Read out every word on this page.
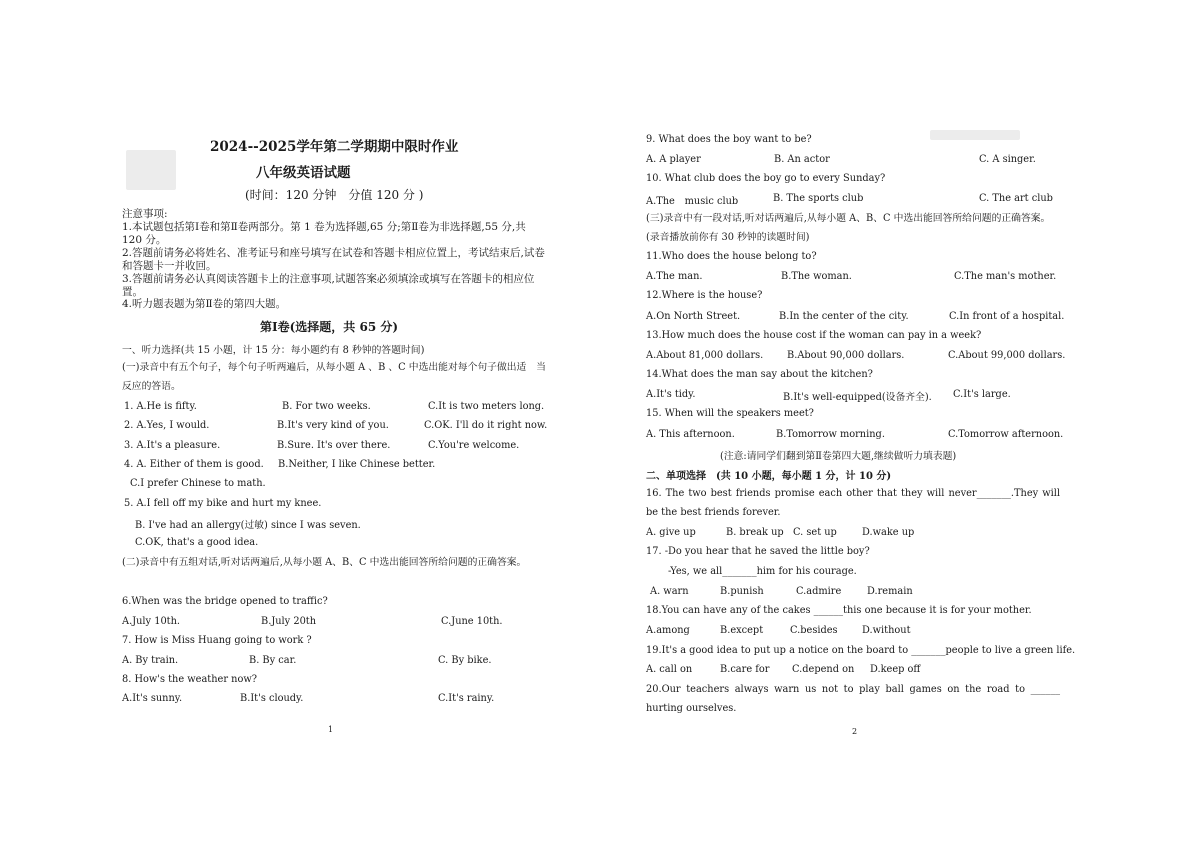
2024--2025学年第二学期期中限时作业
八年级英语试题
(时间：120 分钟　分值 120 分 )
注意事项:
1.本试题包括第Ⅰ卷和第Ⅱ卷两部分。第 1 卷为选择题,65 分;第Ⅱ卷为非选择题,55 分,共 120 分。
2.答题前请务必将姓名、准考证号和座号填写在试卷和答题卡相应位置上，考试结束后,试卷和答题卡一并收回。
3.答题前请务必认真阅读答题卡上的注意事项,试题答案必须填涂或填写在答题卡的相应位置。
4.听力题表题为第Ⅱ卷的第四大题。
第Ⅰ卷(选择题，共 65 分)
一、听力选择(共 15 小题，计 15 分：每小题约有 8 秒钟的答题时间)
(一)录音中有五个句子，每个句子听两遍后，从每小题 A 、B 、C 中选出能对每个句子做出适　当反应的答语。
1. A.He is fifty.	B. For two weeks.	C.It is two meters long.
2. A.Yes, I would.	B.It's very kind of you.	C.OK. I'll do it right now.
3. A.It's a pleasure.	B.Sure. It's over there.	C.You're welcome.
4. A. Either of them is good. B.Neither, I like Chinese better.
C.I prefer Chinese to math.
5. A.I fell off my bike and hurt my knee.
B. I've had an allergy(过敏) since I was seven.
C.OK, that's a good idea.
(二)录音中有五组对话,听对话两遍后,从每小题 A、B、C 中选出能回答所给问题的正确答案。
6.When was the bridge opened to traffic?
A.July 10th.	B.July 20th	C.June 10th.
7. How is Miss Huang going to work ?
A. By train.	B. By car.	C. By bike.
8. How's the weather now?
A.It's sunny.	B.It's cloudy.	C.It's rainy.
1
9. What does the boy want to be?
A. A player	B. An actor	C. A singer.
10. What club does the boy go to every Sunday?
A.The　music club	B. The sports club	C. The art club
(三)录音中有一段对话,听对话两遍后,从每小题 A、B、C 中选出能回答所给问题的正确答案。(录音播放前你有 30 秒钟的读题时间)
11.Who does the house belong to?
A.The man.	B.The woman.	C.The man's mother.
12.Where is the house?
A.On North Street.	B.In the center of the city.	C.In front of a hospital.
13.How much does the house cost if the woman can pay in a week?
A.About 81,000 dollars. B.About 90,000 dollars.	C.About 99,000 dollars.
14.What does the man say about the kitchen?
A.It's tidy.	B.It's well-equipped(设备齐全). C.It's large.
15. When will the speakers meet?
A. This afternoon.	B.Tomorrow morning.	C.Tomorrow afternoon.
(注意:请同学们翻到第Ⅱ卷第四大题,继续做听力填表题)
二、单项选择　(共 10 小题，每小题 1 分，计 10 分)
16. The two best friends promise each other that they will never_______.They will be the best friends forever.
A. give up	B. break up C. set up	D.wake up
17. -Do you hear that he saved the little boy?
-Yes, we all_______him for his courage.
A. warn	B.punish	C.admire	D.remain
18.You can have any of the cakes ______this one because it is for your mother.
A.among	B.except	C.besides D.without
19.It's a good idea to put up a notice on the board to _______people to live a green life.
A. call on	B.care for C.depend on D.keep off
20.Our teachers always warn us not to play ball games on the road to ______ hurting ourselves.
2
